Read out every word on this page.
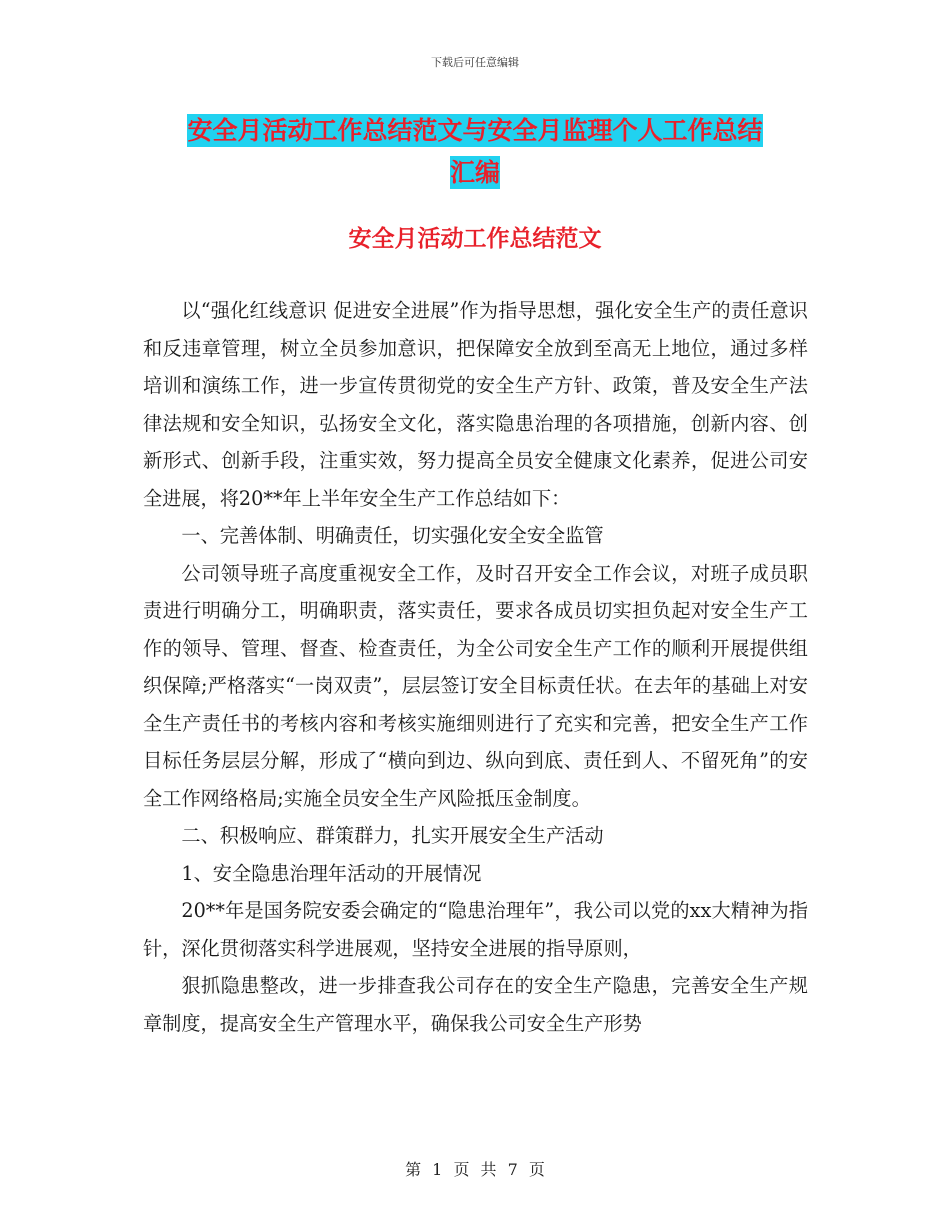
下载后可任意编辑
安全月活动工作总结范文与安全月监理个人工作总结
汇编
安全月活动工作总结范文

以“强化红线意识 促进安全进展”作为指导思想，强化安全生产的责任意识和反违章管理，树立全员参加意识，把保障安全放到至高无上地位，通过多样培训和演练工作，进一步宣传贯彻党的安全生产方针、政策，普及安全生产法律法规和安全知识，弘扬安全文化，落实隐患治理的各项措施，创新内容、创新形式、创新手段，注重实效，努力提高全员安全健康文化素养，促进公司安全进展，将20**年上半年安全生产工作总结如下：

一、完善体制、明确责任，切实强化安全安全监管

公司领导班子高度重视安全工作，及时召开安全工作会议，对班子成员职责进行明确分工，明确职责，落实责任，要求各成员切实担负起对安全生产工作的领导、管理、督查、检查责任，为全公司安全生产工作的顺利开展提供组织保障;严格落实“一岗双责”，层层签订安全目标责任状。在去年的基础上对安全生产责任书的考核内容和考核实施细则进行了充实和完善，把安全生产工作目标任务层层分解，形成了“横向到边、纵向到底、责任到人、不留死角”的安全工作网络格局;实施全员安全生产风险抵压金制度。

二、积极响应、群策群力，扎实开展安全生产活动

1、安全隐患治理年活动的开展情况

20**年是国务院安委会确定的“隐患治理年”，我公司以党的xx大精神为指针，深化贯彻落实科学进展观，坚持安全进展的指导原则，

狠抓隐患整改，进一步排查我公司存在的安全生产隐患，完善安全生产规章制度，提高安全生产管理水平，确保我公司安全生产形势

第 1 页 共 7 页
